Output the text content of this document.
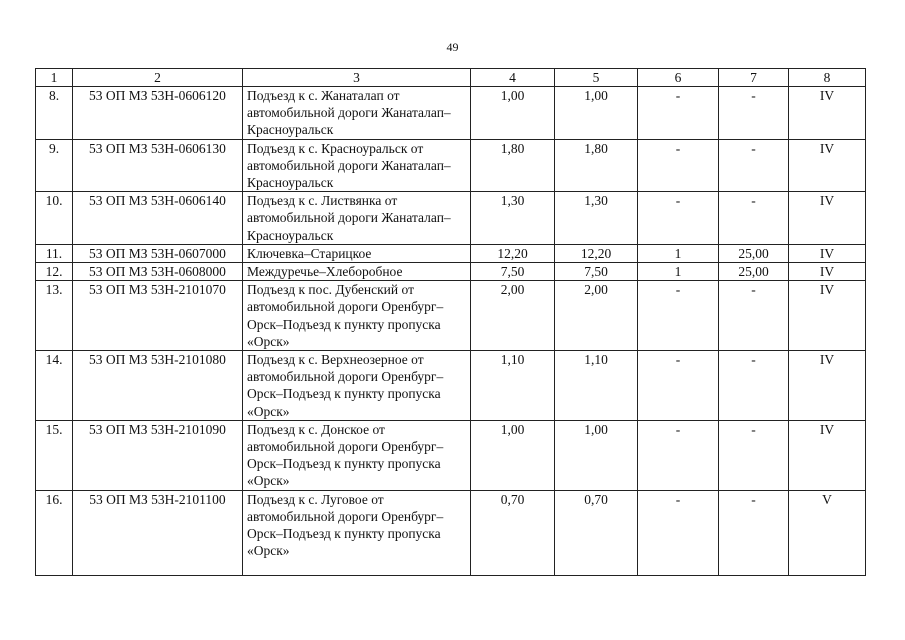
49
1	2	3	4	5	6	7	8
8.	53 ОП МЗ 53Н-0606120	Подъезд к с. Жанаталап от автомобильной дороги Жанаталап–Красноуральск	1,00	1,00	-	-	IV
9.	53 ОП МЗ 53Н-0606130	Подъезд к с. Красноуральск от автомобильной дороги Жанаталап–Красноуральск	1,80	1,80	-	-	IV
10.	53 ОП МЗ 53Н-0606140	Подъезд к с. Листвянка от автомобильной дороги Жанаталап–Красноуральск	1,30	1,30	-	-	IV
11.	53 ОП МЗ 53Н-0607000	Ключевка–Старицкое	12,20	12,20	1	25,00	IV
12.	53 ОП МЗ 53Н-0608000	Междуречье–Хлеборобное	7,50	7,50	1	25,00	IV
13.	53 ОП МЗ 53Н-2101070	Подъезд к пос. Дубенский от автомобильной дороги Оренбург–Орск–Подъезд к пункту пропуска «Орск»	2,00	2,00	-	-	IV
14.	53 ОП МЗ 53Н-2101080	Подъезд к с. Верхнеозерное от автомобильной дороги Оренбург–Орск–Подъезд к пункту пропуска «Орск»	1,10	1,10	-	-	IV
15.	53 ОП МЗ 53Н-2101090	Подъезд к с. Донское от автомобильной дороги Оренбург–Орск–Подъезд к пункту пропуска «Орск»	1,00	1,00	-	-	IV
16.	53 ОП МЗ 53Н-2101100	Подъезд к с. Луговое от автомобильной дороги Оренбург–Орск–Подъезд к пункту пропуска «Орск»	0,70	0,70	-	-	V
